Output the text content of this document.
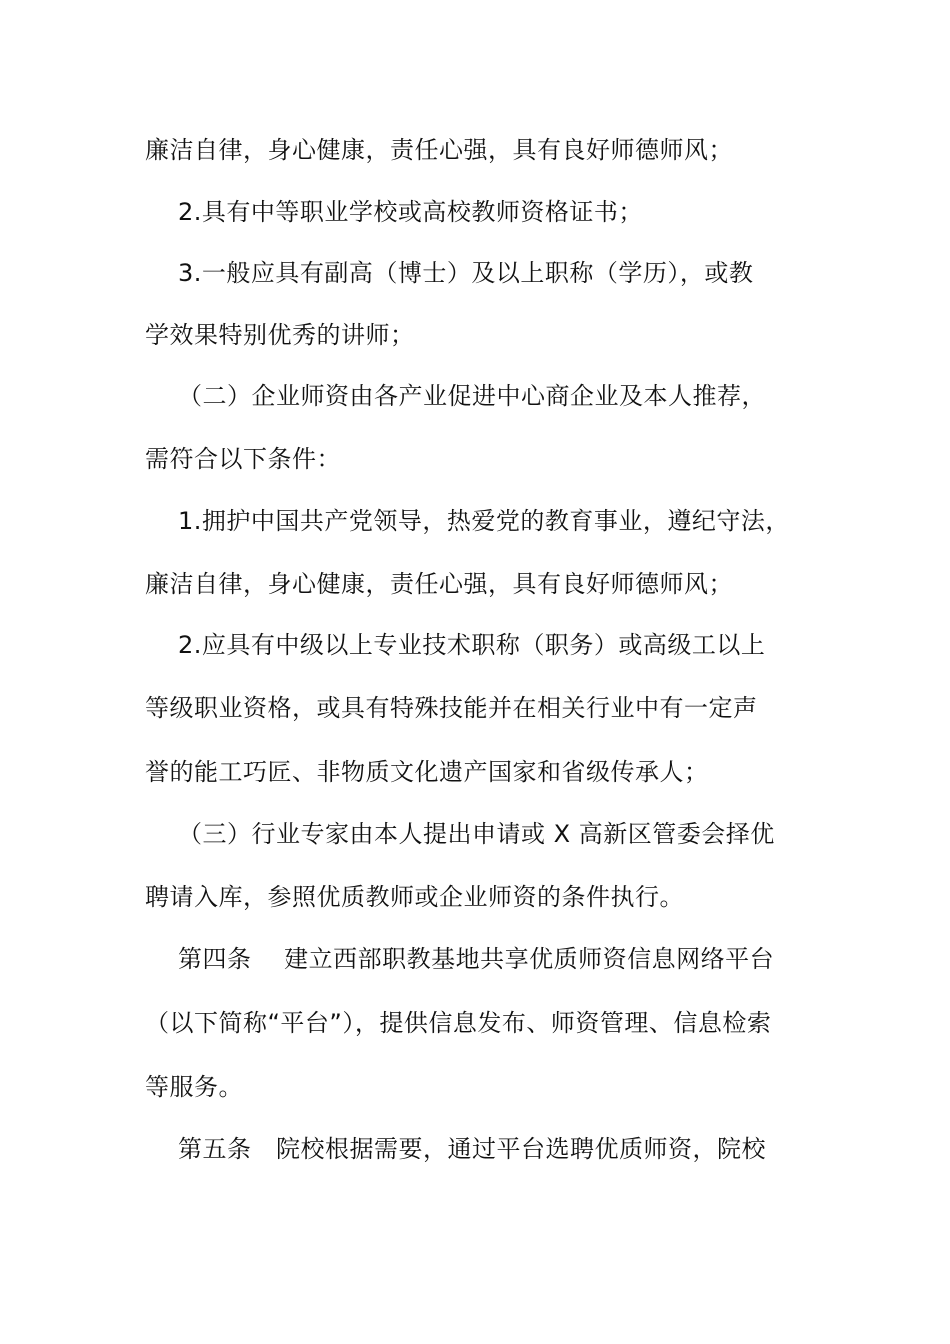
廉洁自律，身心健康，责任心强，具有良好师德师风；
2.具有中等职业学校或高校教师资格证书；
3.一般应具有副高（博士）及以上职称（学历），或教
学效果特别优秀的讲师；
（二）企业师资由各产业促进中心商企业及本人推荐，
需符合以下条件：
1.拥护中国共产党领导，热爱党的教育事业，遵纪守法，
廉洁自律，身心健康，责任心强，具有良好师德师风；
2.应具有中级以上专业技术职称（职务）或高级工以上
等级职业资格，或具有特殊技能并在相关行业中有一定声
誉的能工巧匠、非物质文化遗产国家和省级传承人；
（三）行业专家由本人提出申请或 X 高新区管委会择优
聘请入库，参照优质教师或企业师资的条件执行。
第四条　 建立西部职教基地共享优质师资信息网络平台
（以下简称“平台”），提供信息发布、师资管理、信息检索
等服务。
第五条　院校根据需要，通过平台选聘优质师资，院校
